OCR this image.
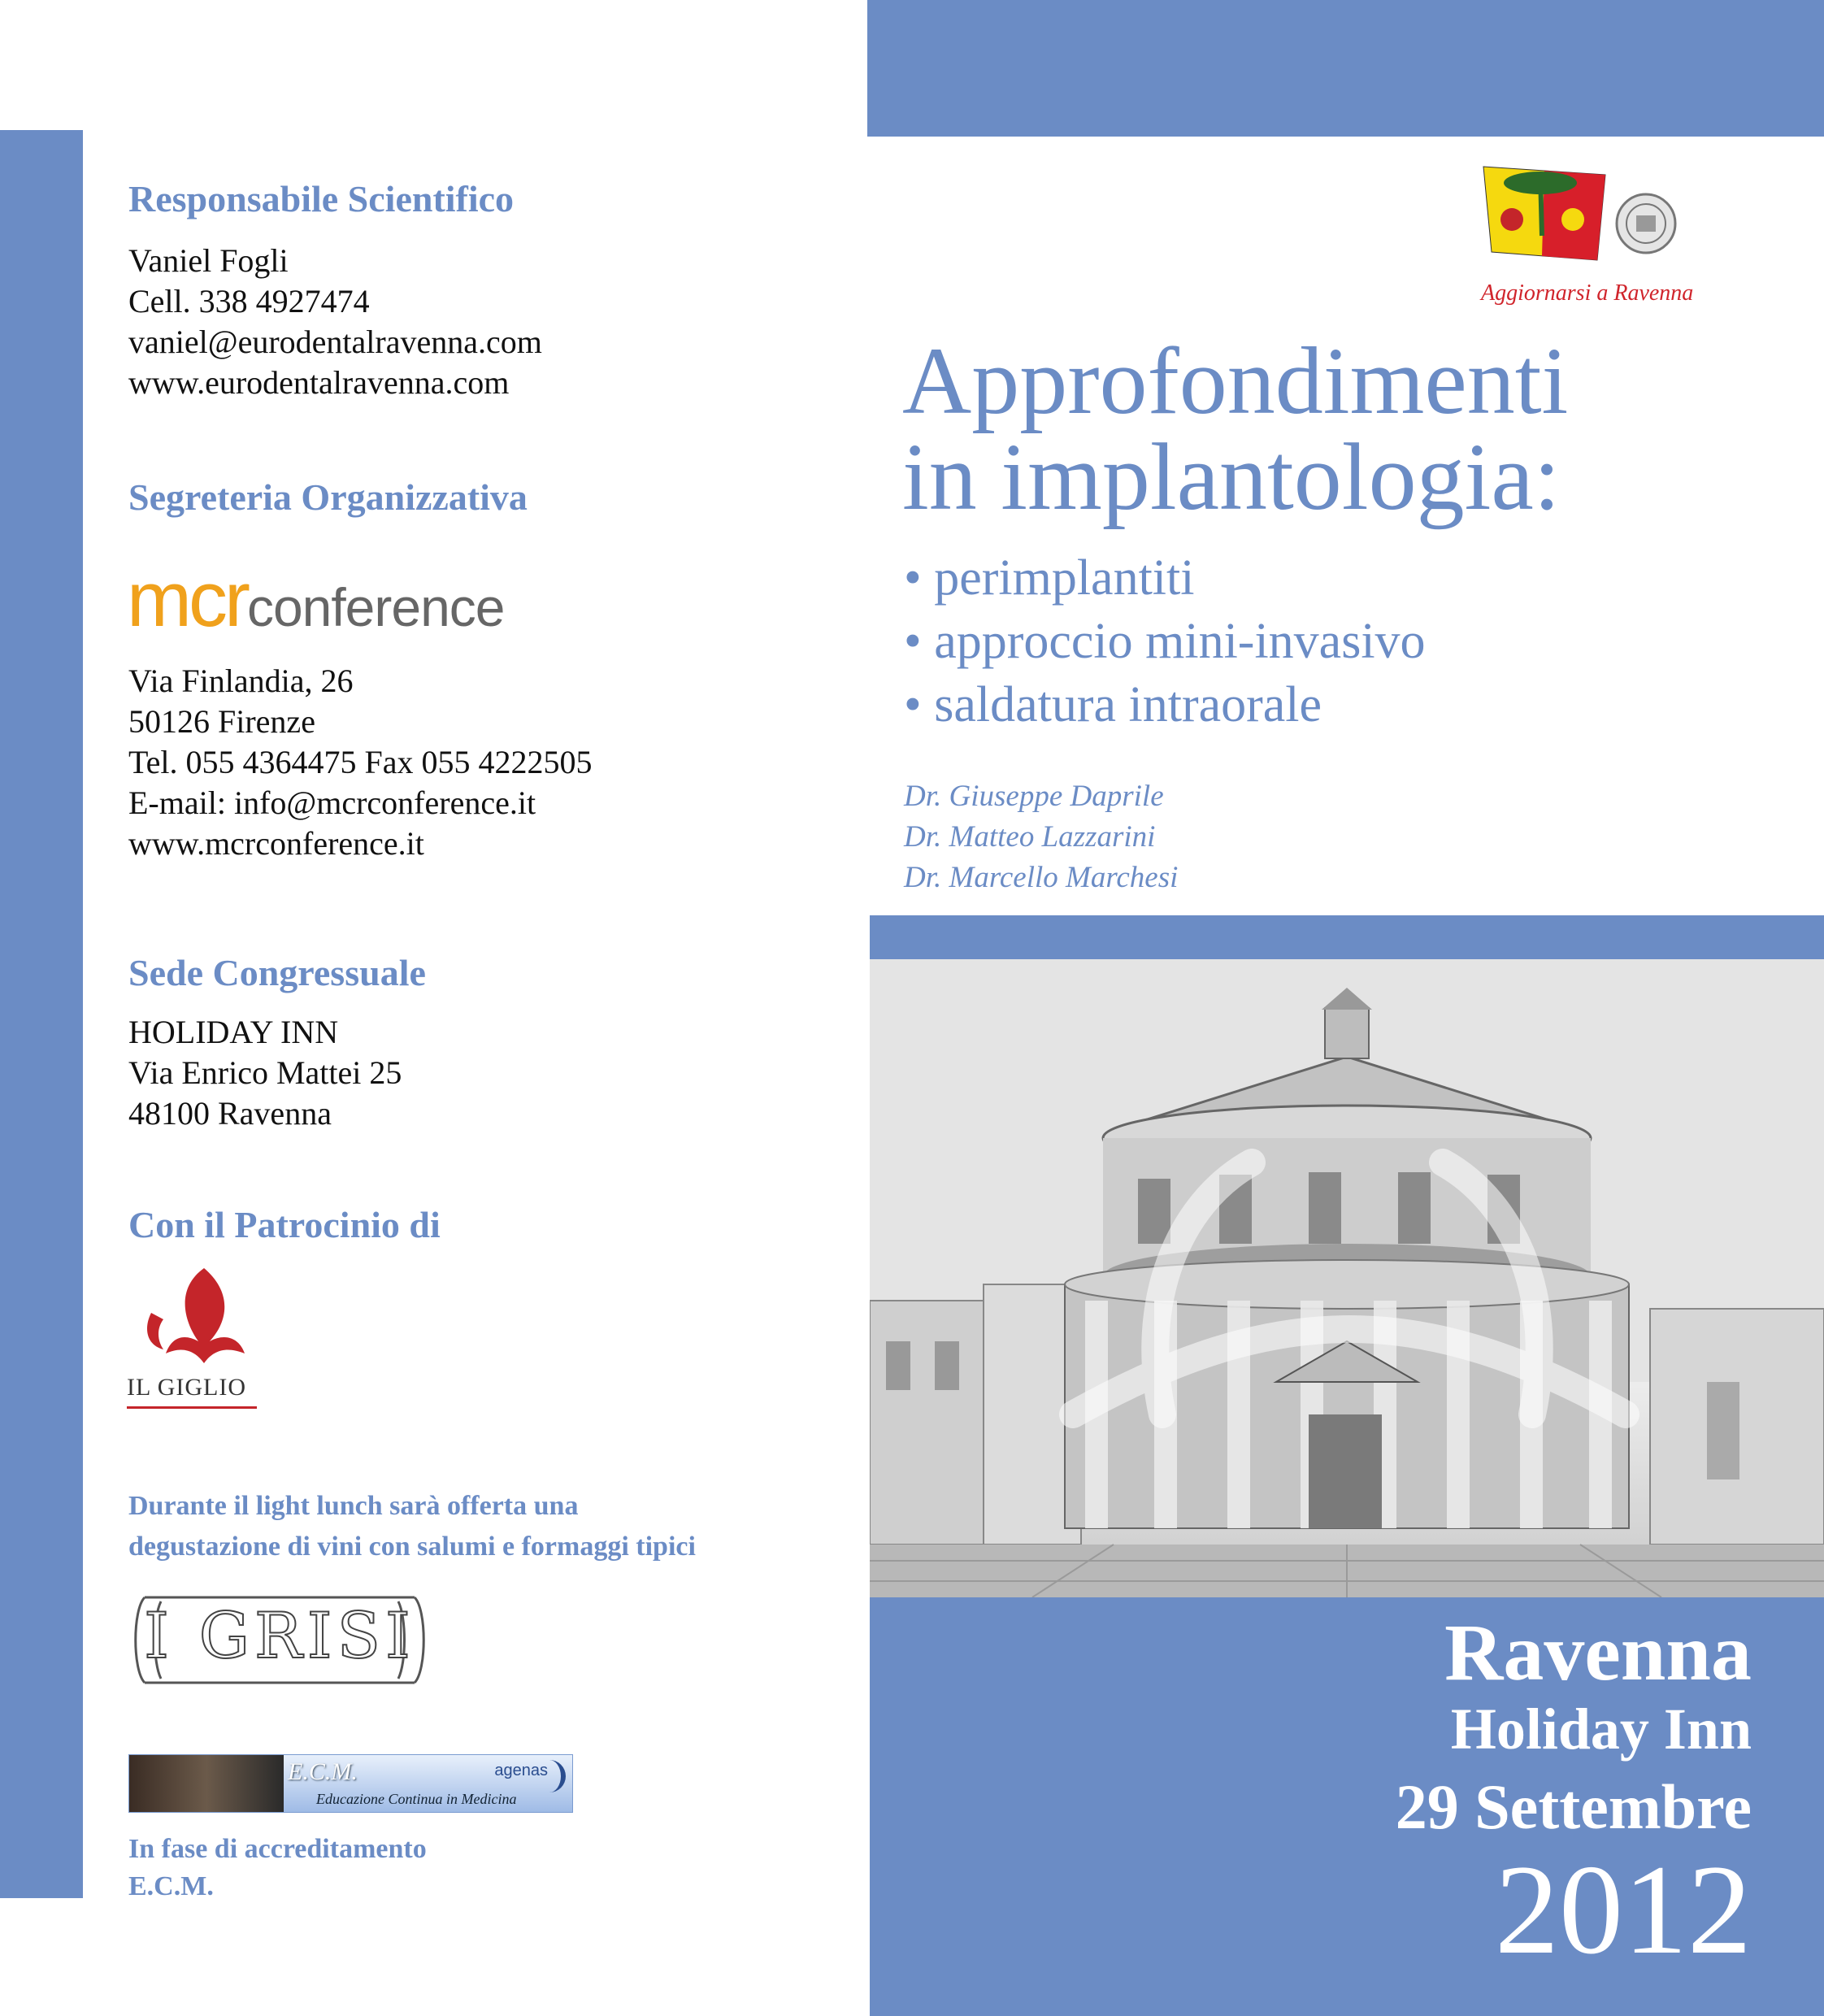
Responsabile Scientifico
Vaniel Fogli
Cell. 338 4927474
vaniel@eurodentalravenna.com
www.eurodentalravenna.com
Segreteria Organizzativa
mcrconference
Via Finlandia, 26
50126 Firenze
Tel. 055 4364475 Fax 055 4222505
E-mail: info@mcrconference.it
www.mcrconference.it
Sede Congressuale
HOLIDAY INN
Via Enrico Mattei 25
48100 Ravenna
Con il Patrocinio di
IL GIGLIO
Durante il light lunch sarà offerta una
degustazione di vini con salumi e formaggi tipici
I GRISI
E.C.M.
Educazione Continua in Medicina
agenas
In fase di accreditamento
E.C.M.
Aggiornarsi a Ravenna
Approfondimenti
in implantologia:
• perimplantiti
• approccio mini-invasivo
• saldatura intraorale
Dr. Giuseppe Daprile
Dr. Matteo Lazzarini
Dr. Marcello Marchesi
Ravenna
Holiday Inn
29 Settembre
2012
